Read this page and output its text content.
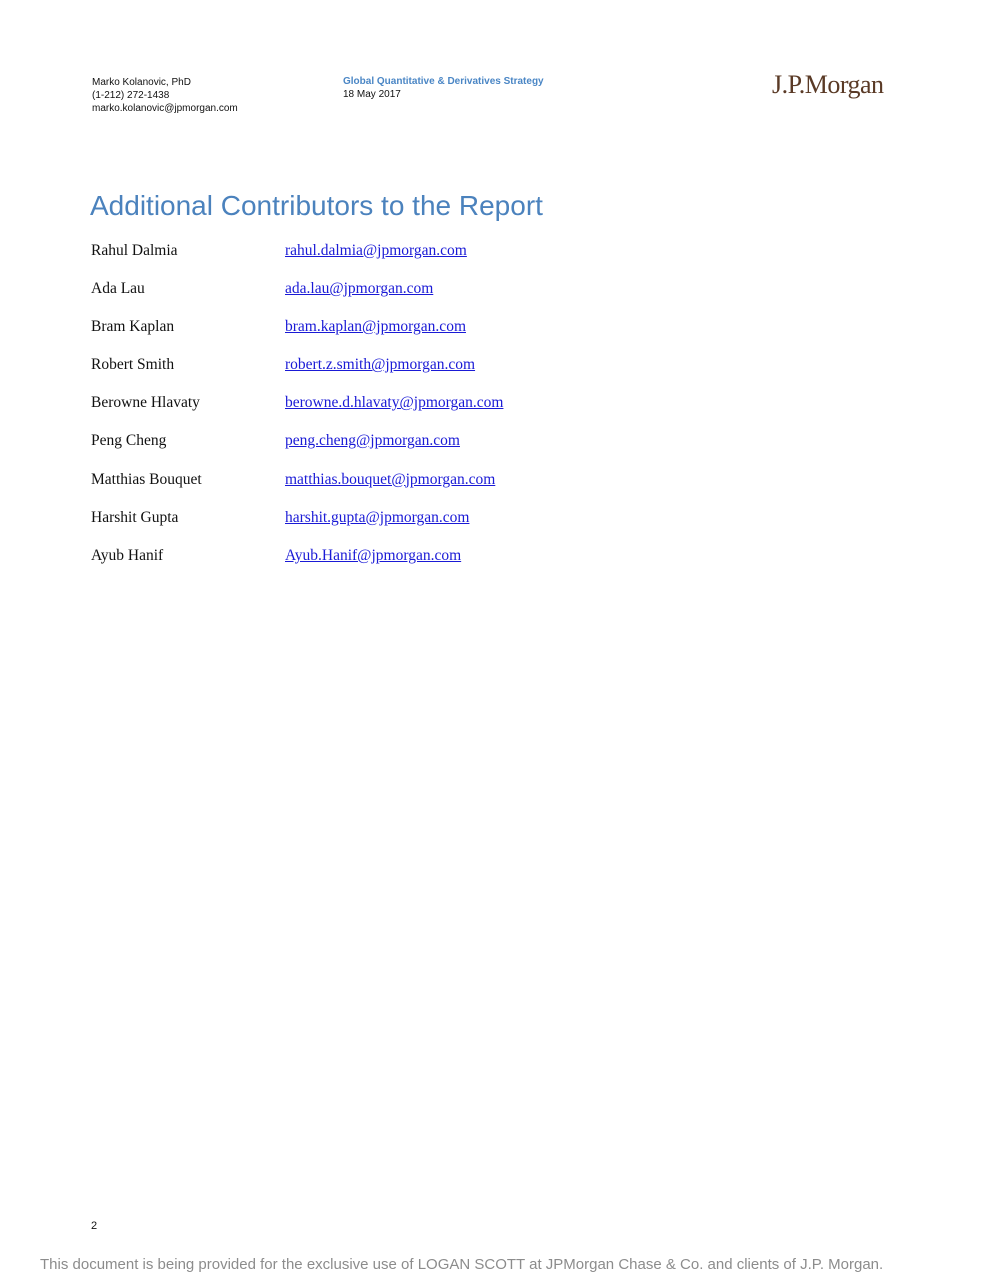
Marko Kolanovic, PhD
(1-212) 272-1438
marko.kolanovic@jpmorgan.com
Global Quantitative & Derivatives Strategy
18 May 2017	J.P.Morgan
Additional Contributors to the Report
Rahul Dalmia	rahul.dalmia@jpmorgan.com
Ada Lau	ada.lau@jpmorgan.com
Bram Kaplan	bram.kaplan@jpmorgan.com
Robert Smith	robert.z.smith@jpmorgan.com
Berowne Hlavaty	berowne.d.hlavaty@jpmorgan.com
Peng Cheng	peng.cheng@jpmorgan.com
Matthias Bouquet	matthias.bouquet@jpmorgan.com
Harshit Gupta	harshit.gupta@jpmorgan.com
Ayub Hanif	Ayub.Hanif@jpmorgan.com
2
This document is being provided for the exclusive use of LOGAN SCOTT at JPMorgan Chase & Co. and clients of J.P. Morgan.
